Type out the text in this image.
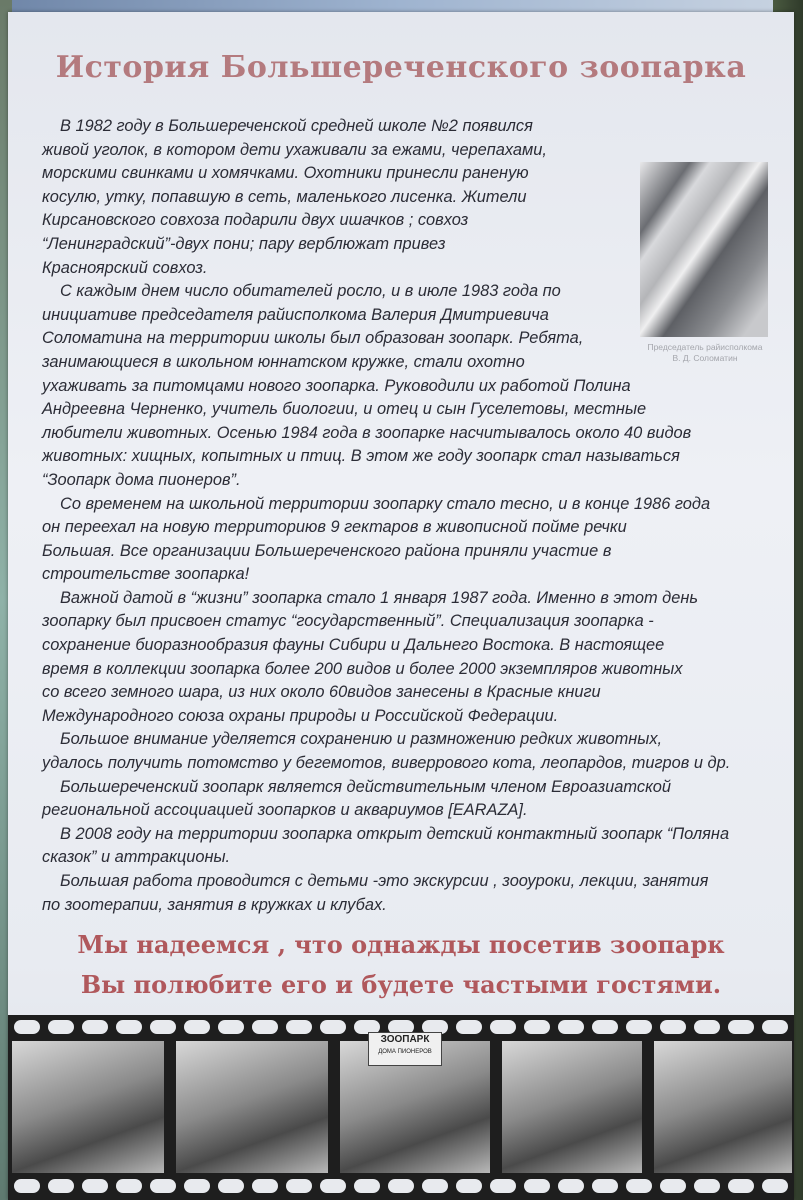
История Большереченского зоопарка
Председатель райисполкома
В. Д. Соломатин
В 1982 году в Большереченской средней школе №2 появился
живой уголок, в котором дети ухаживали за ежами, черепахами,
морскими свинками и хомячками. Охотники принесли раненую
косулю, утку, попавшую в сеть, маленького лисенка. Жители
Кирсановского совхоза подарили двух ишачков ; совхоз
“Ленинградский”-двух пони; пару верблюжат привез
Красноярский совхоз.
С каждым днем число обитателей росло, и в июле 1983 года по
инициативе председателя райисполкома Валерия Дмитриевича
Соломатина на территории школы был образован зоопарк. Ребята,
занимающиеся в школьном юннатском кружке, стали охотно
ухаживать за питомцами нового зоопарка. Руководили их работой Полина
Андреевна Черненко, учитель биологии, и отец и сын Гуселетовы, местные
любители животных. Осенью 1984 года в зоопарке насчитывалось около 40 видов
животных: хищных, копытных и птиц. В этом же году зоопарк стал называться
“Зоопарк дома пионеров”.
Со временем на школьной территории зоопарку стало тесно, и в конце 1986 года
он переехал на новую территориюв 9 гектаров в живописной пойме речки
Большая. Все организации Большереченского района приняли участие в
строительстве зоопарка!
Важной датой в “жизни” зоопарка стало 1 января 1987 года. Именно в этот день
зоопарку был присвоен статус “государственный”. Специализация зоопарка -
сохранение биоразнообразия фауны Сибири и Дальнего Востока. В настоящее
время в коллекции зоопарка более 200 видов и более 2000 экземпляров животных
со всего земного шара, из них около 60видов занесены в Красные книги
Международного союза охраны природы и Российской Федерации.
Большое внимание уделяется сохранению и размножению редких животных,
удалось получить потомство у бегемотов, виверрового кота, леопардов, тигров и др.
Большереченский зоопарк является действительным членом Евроазиатской
региональной ассоциацией зоопарков и аквариумов [EARAZA].
В 2008 году на территории зоопарка открыт детский контактный зоопарк “Поляна
сказок” и аттракционы.
Большая работа проводится с детьми -это экскурсии , зооуроки, лекции, занятия
по зоотерапии, занятия в кружках и клубах.
Мы надеемся , что однажды посетив зоопарк
Вы полюбите его и будете частыми гостями.
ЗООПАРК
ДОМА ПИОНЕРОВ
